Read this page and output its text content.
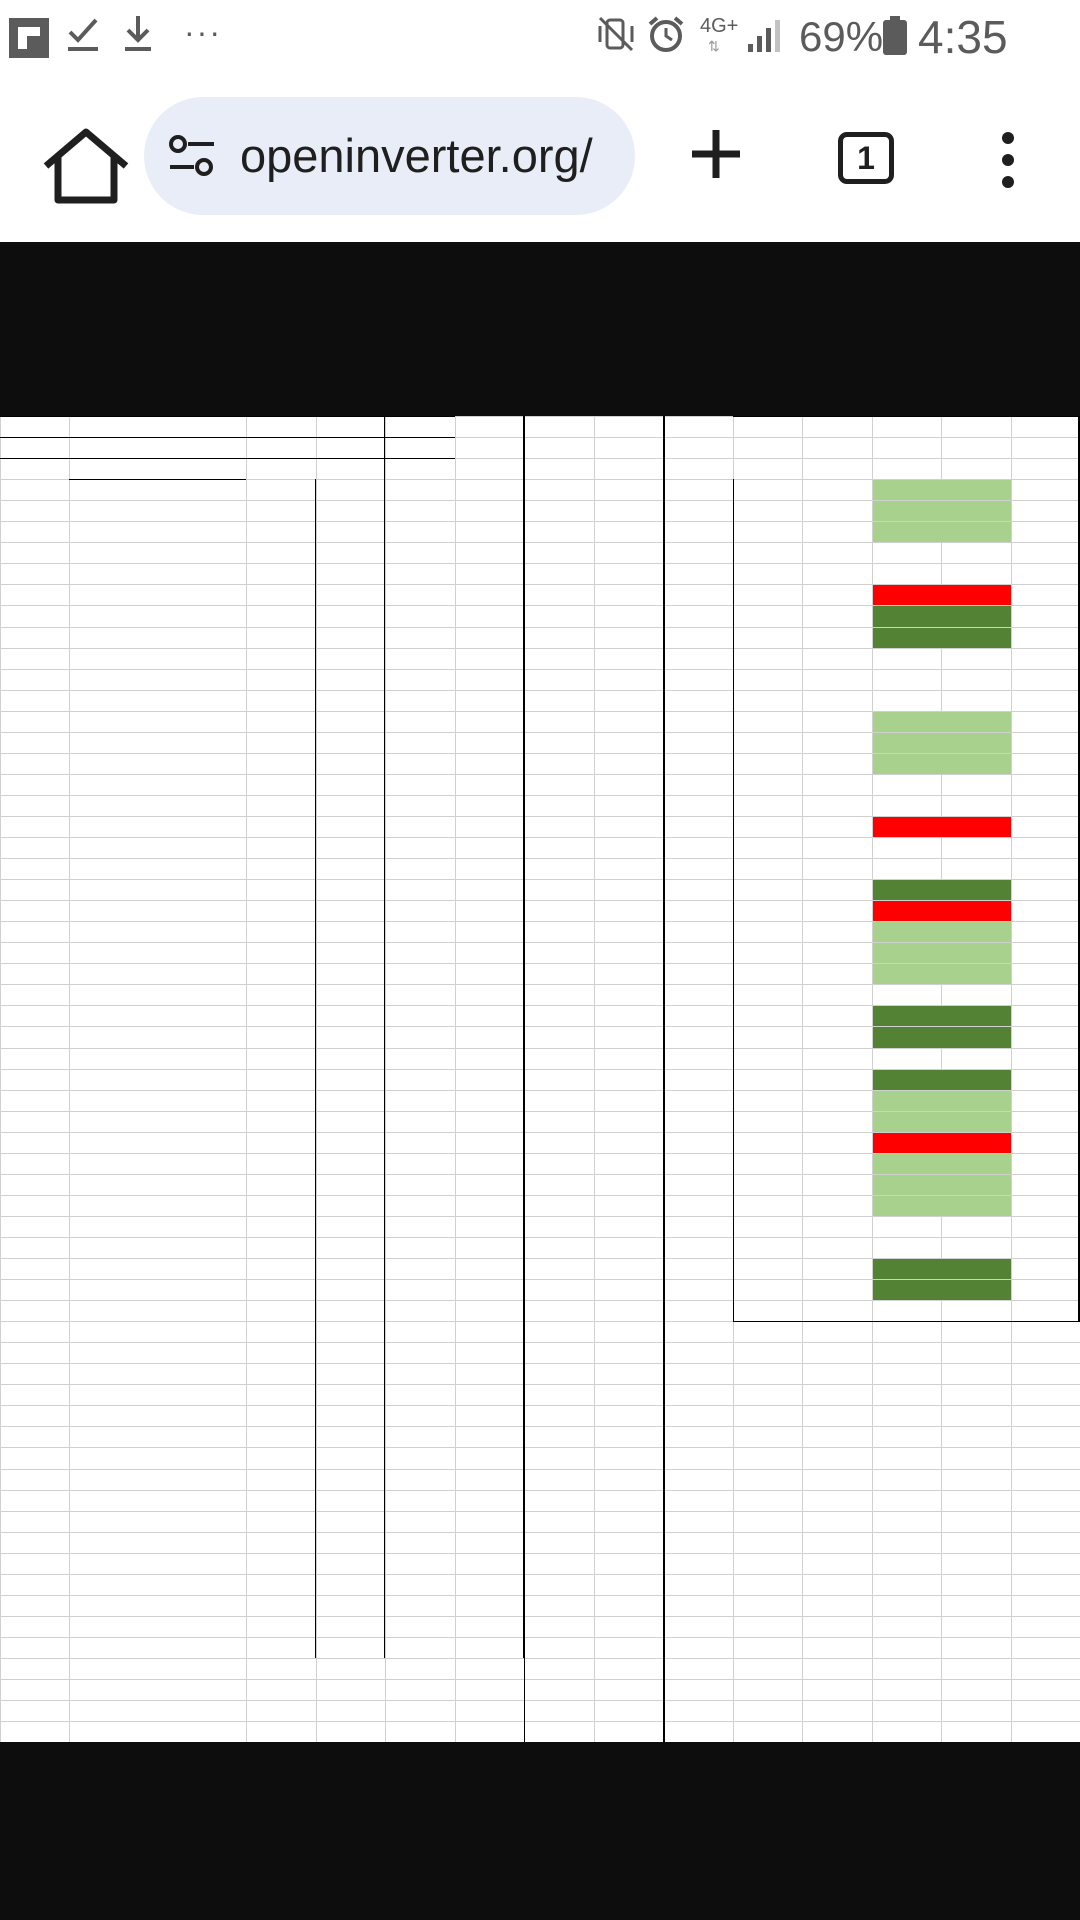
···	4G+
⇅ 69% 4:35
openinverter.org/	1
